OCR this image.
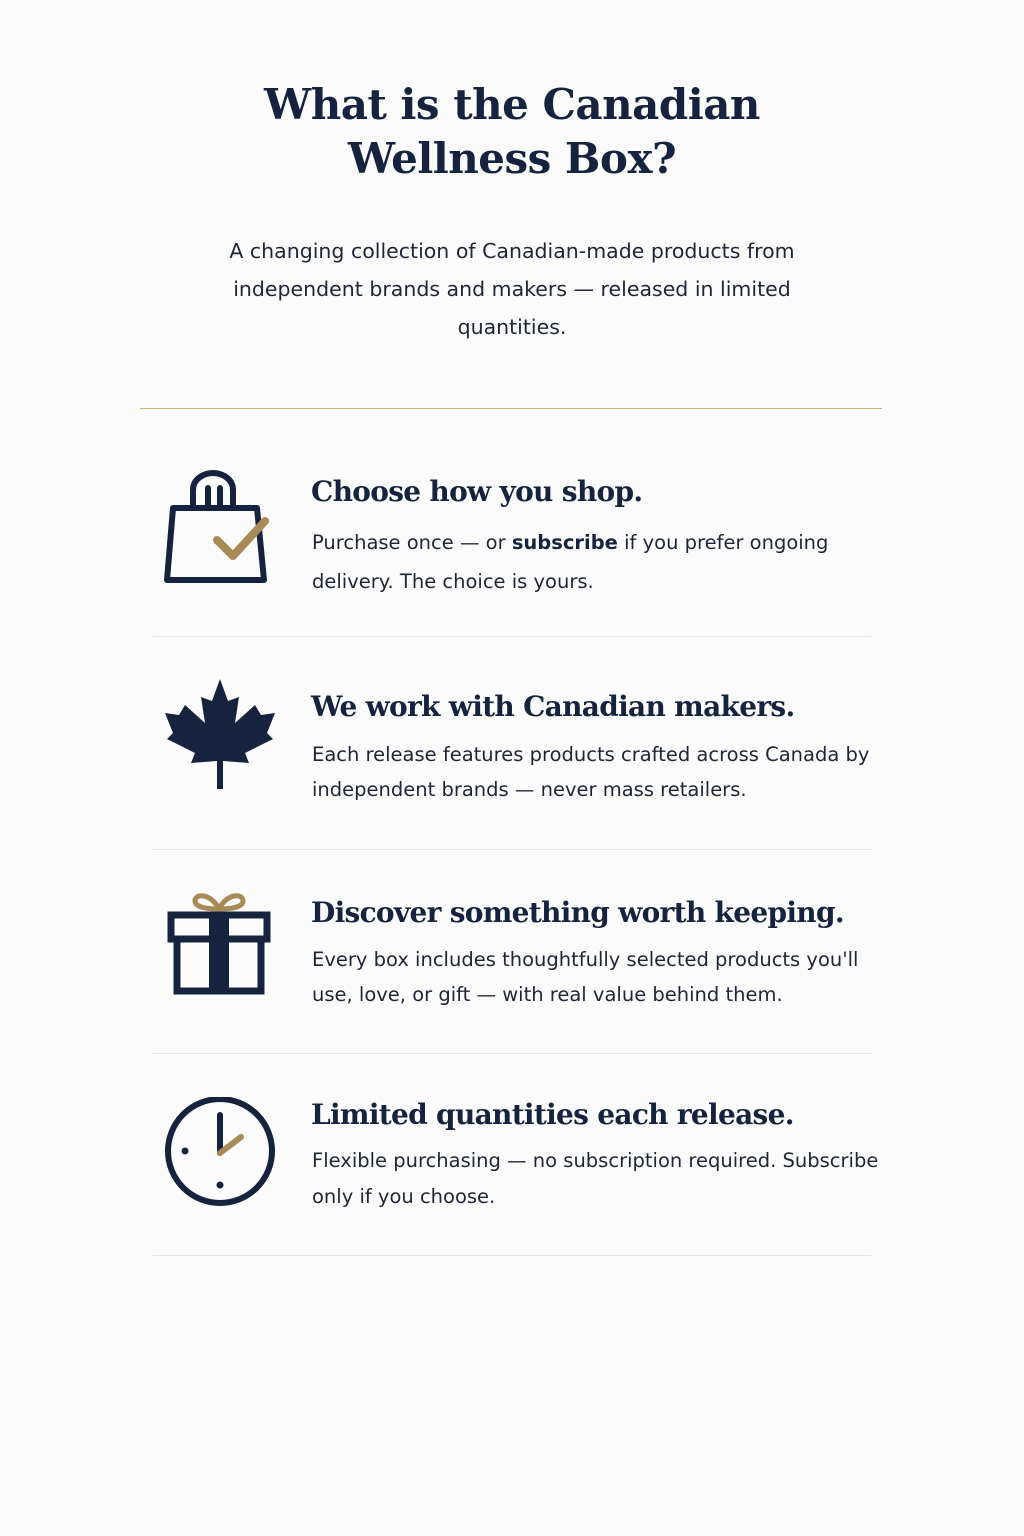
What is the Canadian
Wellness Box?

A changing collection of Canadian-made products from independent brands and makers — released in limited quantities.

Choose how you shop.

Purchase once — or subscribe if you prefer ongoing delivery. The choice is yours.

We work with Canadian makers.

Each release features products crafted across Canada by independent brands — never mass retailers.

Discover something worth keeping.

Every box includes thoughtfully selected products you'll use, love, or gift — with real value behind them.

Limited quantities each release.

Flexible purchasing — no subscription required. Subscribe only if you choose.
